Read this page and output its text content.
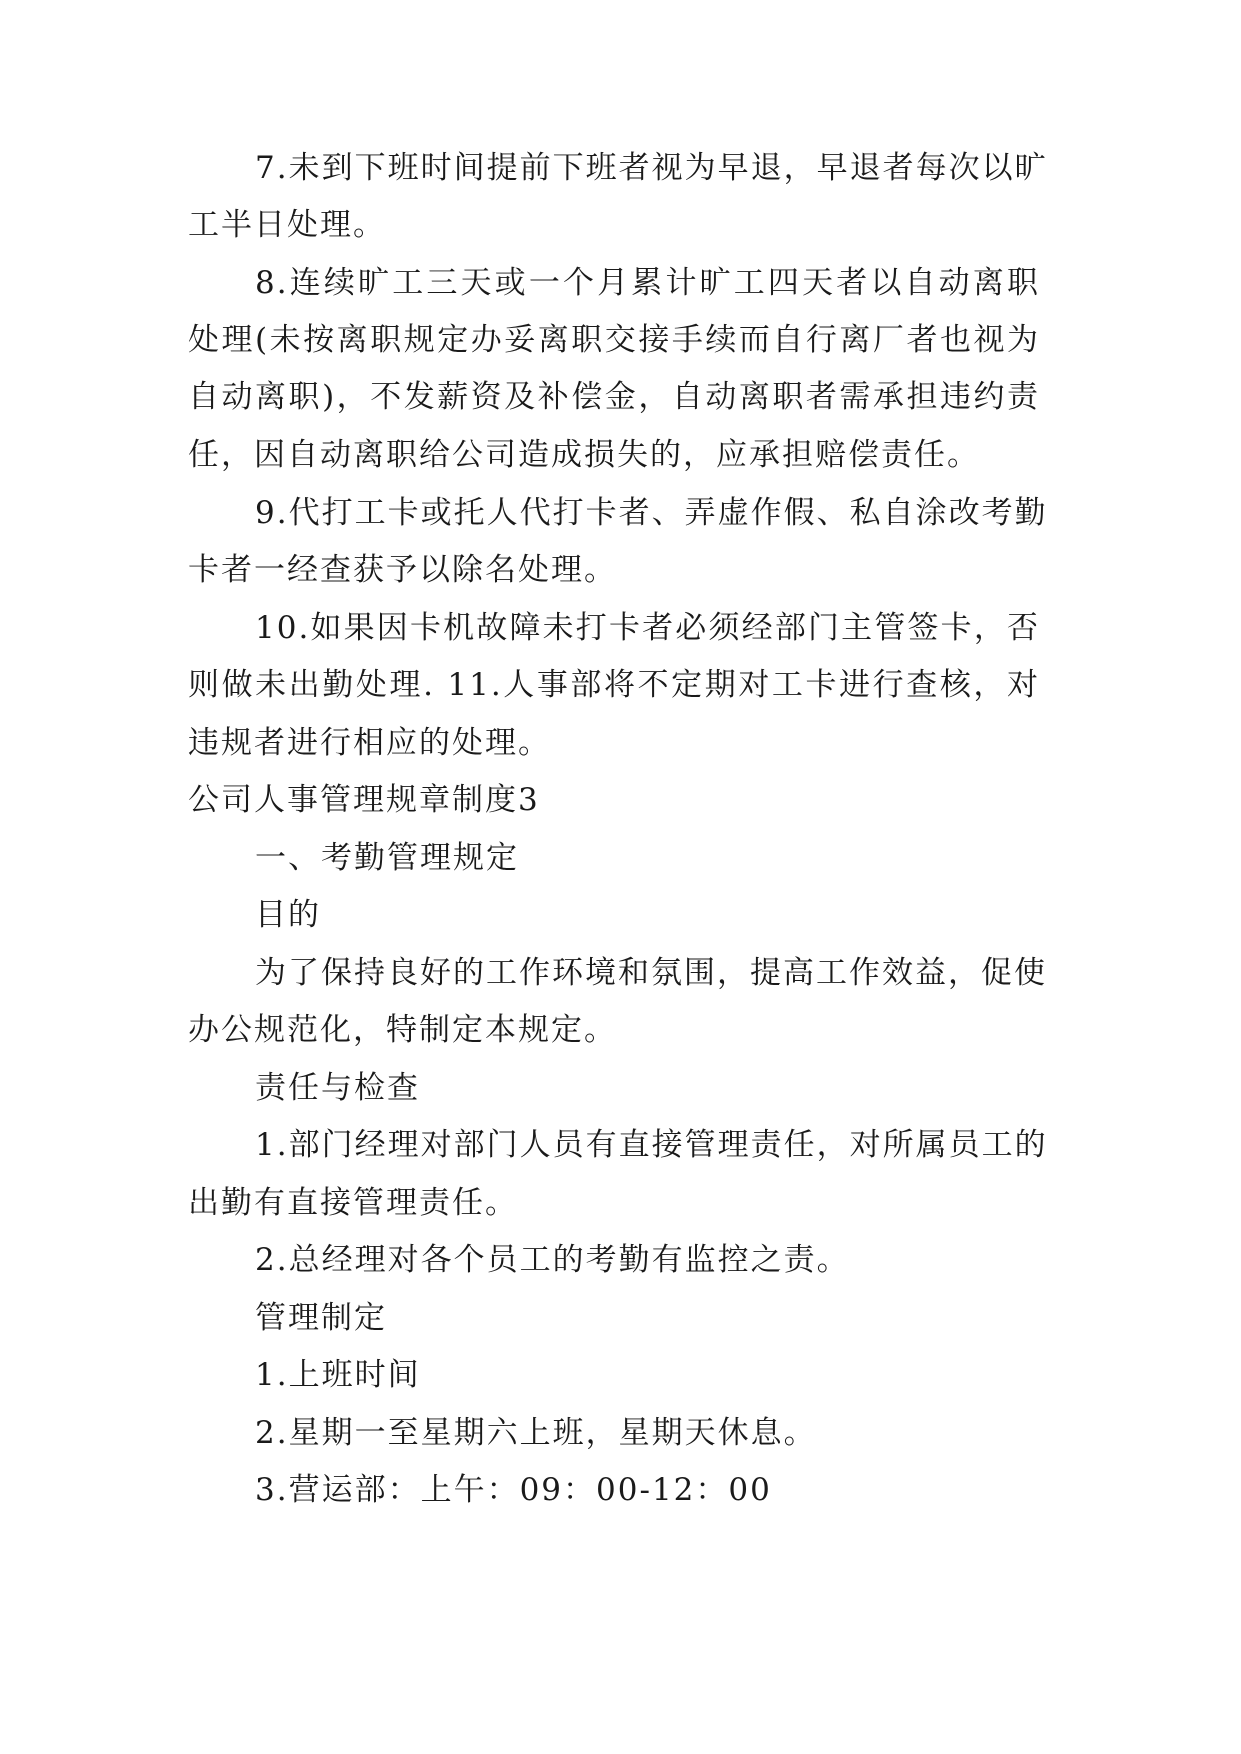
7.未到下班时间提前下班者视为早退，早退者每次以旷
工半日处理。
8.连续旷工三天或一个月累计旷工四天者以自动离职
处理(未按离职规定办妥离职交接手续而自行离厂者也视为
自动离职)，不发薪资及补偿金，自动离职者需承担违约责
任，因自动离职给公司造成损失的，应承担赔偿责任。
9.代打工卡或托人代打卡者、弄虚作假、私自涂改考勤
卡者一经查获予以除名处理。
10.如果因卡机故障未打卡者必须经部门主管签卡，否
则做未出勤处理. 11.人事部将不定期对工卡进行查核，对
违规者进行相应的处理。
公司人事管理规章制度3
一、考勤管理规定
目的
为了保持良好的工作环境和氛围，提高工作效益，促使
办公规范化，特制定本规定。
责任与检查
1.部门经理对部门人员有直接管理责任，对所属员工的
出勤有直接管理责任。
2.总经理对各个员工的考勤有监控之责。
管理制定
1.上班时间
2.星期一至星期六上班，星期天休息。
3.营运部：上午：09：00-12：00
